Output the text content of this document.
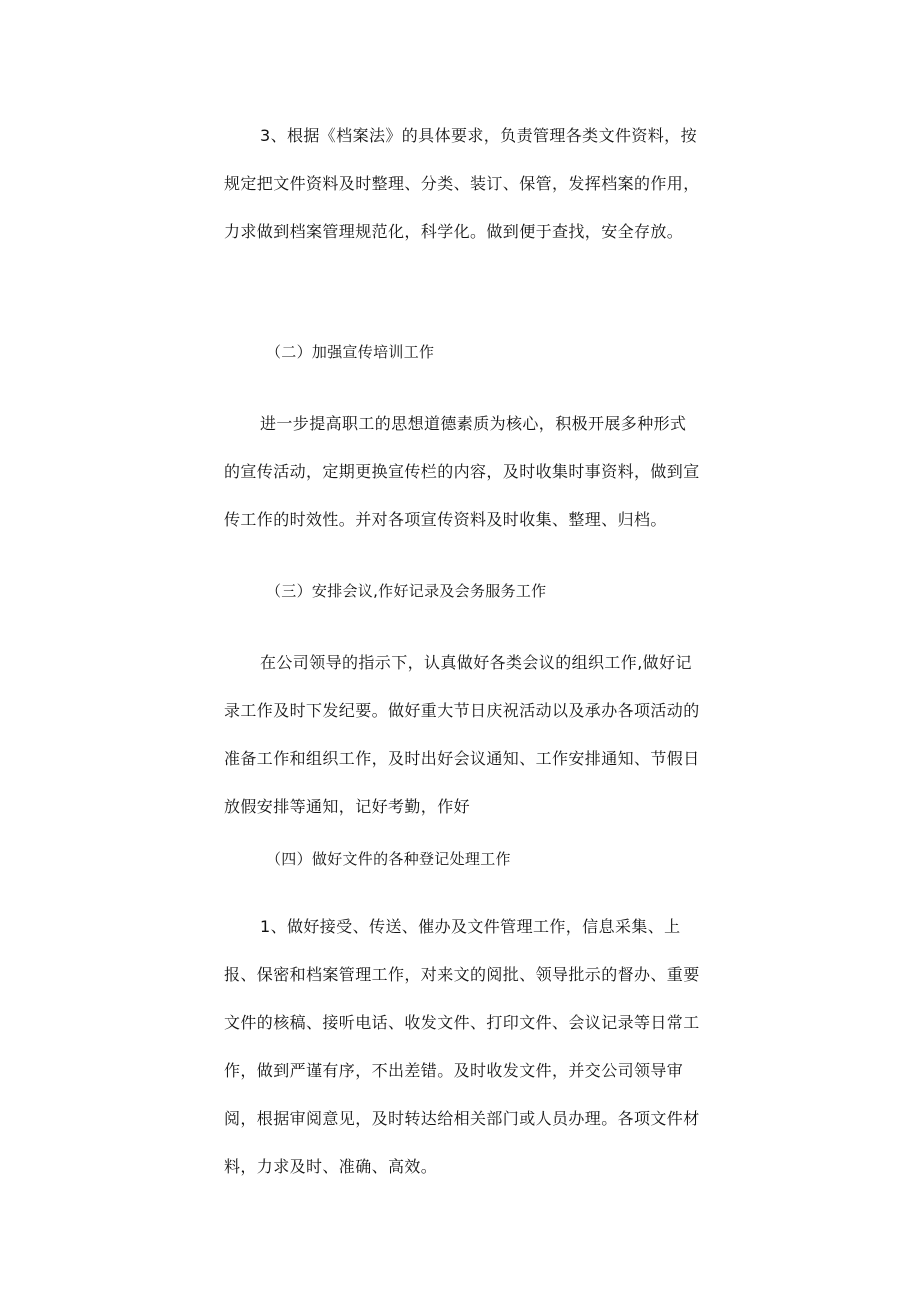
3、根据《档案法》的具体要求，负责管理各类文件资料，按规定把文件资料及时整理、分类、装订、保管，发挥档案的作用，力求做到档案管理规范化，科学化。做到便于查找，安全存放。

（二）加强宣传培训工作

进一步提高职工的思想道德素质为核心，积极开展多种形式的宣传活动，定期更换宣传栏的内容，及时收集时事资料，做到宣传工作的时效性。并对各项宣传资料及时收集、整理、归档。

（三）安排会议,作好记录及会务服务工作

在公司领导的指示下，认真做好各类会议的组织工作,做好记录工作及时下发纪要。做好重大节日庆祝活动以及承办各项活动的准备工作和组织工作，及时出好会议通知、工作安排通知、节假日放假安排等通知，记好考勤，作好

（四）做好文件的各种登记处理工作

1、做好接受、传送、催办及文件管理工作，信息采集、上报、保密和档案管理工作，对来文的阅批、领导批示的督办、重要文件的核稿、接听电话、收发文件、打印文件、会议记录等日常工作，做到严谨有序，不出差错。及时收发文件，并交公司领导审阅，根据审阅意见，及时转达给相关部门或人员办理。各项文件材料，力求及时、准确、高效。
